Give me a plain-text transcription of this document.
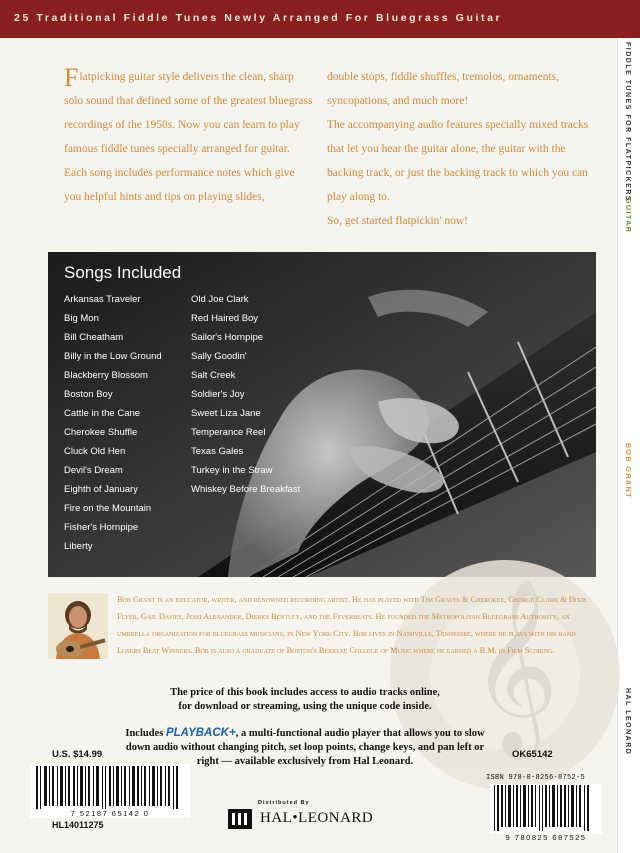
25 Traditional Fiddle Tunes Newly Arranged For Bluegrass Guitar
FIDDLE TUNES FOR FLATPICKERS
GUITAR
BOB GRANT
HAL LEONARD

Flatpicking guitar style delivers the clean, sharp solo sound that defined some of the greatest bluegrass recordings of the 1950s. Now you can learn to play famous fiddle tunes specially arranged for guitar.

Each song includes performance notes which give you helpful hints and tips on playing slides,

double stops, fiddle shuffles, tremolos, ornaments, syncopations, and much more!

The accompanying audio features specially mixed tracks that let you hear the guitar alone, the guitar with the backing track, or just the backing track to which you can play along to.

So, get started flatpickin' now!

Songs Included
Arkansas Traveler
Big Mon
Bill Cheatham
Billy in the Low Ground
Blackberry Blossom
Boston Boy
Cattle in the Cane
Cherokee Shuffle
Cluck Old Hen
Devil's Dream
Eighth of January
Fire on the Mountain
Fisher's Hornpipe
Liberty
Old Joe Clark
Red Haired Boy
Sailor's Hornpipe
Sally Goodin'
Salt Creek
Soldier's Joy
Sweet Liza Jane
Temperance Reel
Texas Gales
Turkey in the Straw
Whiskey Before Breakfast
𝄞
Bob Grant is an educator, writer, and renowned recording artist. He has played with Tim Graves & Cherokee, George Clark & Dixie Flyer, Gail Davies, Jessi Alexander, Dierks Bentley, and the Feverbeats. He founded the Metropolitan Bluegrass Authority, an umbrella organization for bluegrass musicians, in New York City. Bob lives in Nashville, Tennessee, where he plays with his band Losers Beat Winners. Bob is also a graduate of Boston's Berklee College of Music where he earned a B.M. in Film Scoring.
The price of this book includes access to audio tracks online,
for download or streaming, using the unique code inside.
Includes PLAYBACK+, a multi-functional audio player that allows you to slow down audio without changing pitch, set loop points, change keys, and pan left or right — available exclusively from Hal Leonard.
U.S. $14.99
7 52187 65142 0
HL14011275
Distributed By
HAL•LEONARD
OK65142
ISBN 978-0-8256-8752-5
9 780825 687525
